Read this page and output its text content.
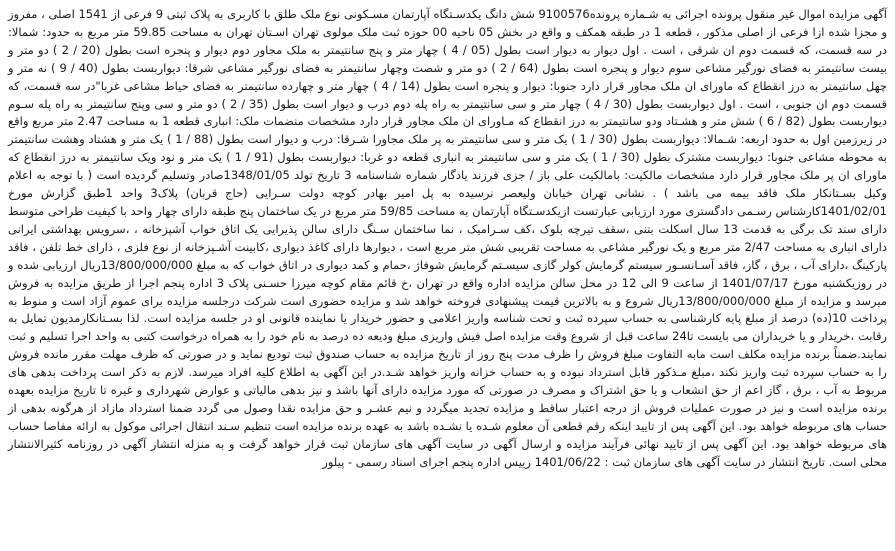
آگهی مزایده اموال غیر منقول پرونده اجرائی به شـماره پرونده9100576 شش دانگ یکدسـتگاه آپارتمان مسـکونی نوع ملک طلق با کاربری به پلاک ثبتی 9 فرعی از 1541 اصلی ، مفروز و مجزا شده ازا فرعی از اصلی مذکور ، قطعه 1 در طبقه همکف و واقع در بخش 05 ناحیه 00 حوزه ثبت ملک مولوی تهران اسـتان تهران به مساحت 59.85 متر مربع به حدود: شمالا: در سه قسمت، که قسمت دوم ان شرقی ، است . اول دیوار به دیوار است بطول (05 / 4 ) چهار متر و پنج سانتیمتر به ملک مجاور دوم دیوار و پنجره است بطول (20 / 2 ) دو متر و بیست سانتیمتر به فضای نورگیر مشاعی سوم دیوار و پنجره است بطول (64 / 2 ) دو متر و شصت وچهار سانتیمتر به فضای نورگیر مشاعی شرقا: دیواربست بطول (40 / 9 ) نه متر و چهل سانتیمتر به درز انقطاع که ماورای ان ملک مجاور قرار دارد جنوبا: دیوار و پنجره است بطول (14 / 4 ) چهار متر و چهارده سانتیمتر به فضای حیاط مشاعی غربا"در سه قسمت، که قسمت دوم ان جنوبی ، است . اول دیواربست بطول (30 / 4 ) چهار متر و سی سانتیمتر به راه پله دوم درب و دیوار است بطول (35 / 2 ) دو متر و سی وپنج سانتیمتر به راه پله سـوم دیواربست بطول (82 / 6 ) شش متر و هشـتاد ودو سانتیمتر به درز انقطاع که مـاورای ان ملک مجاور قرار دارد مشخصات منضمات ملک: انباری قطعه 1 به مساحت 2.47 متر مربع واقع در زیرزمین اول به حدود اربعه: شـمالا: دیواربست بطول (30 / 1 ) یک متر و سی سانتیمتر به پر ملک مجاورا شـرقا: درب و دیوار است بطول (88 / 1 ) یک متر و هشتاد وهشت سانتیمتر به محوطه مشاعی جنوبا: دیواربست مشترک بطول (30 / 1 ) یک متر و سی سانتیمتر به انباری قطعه دو غربا: دیواربست بطول (91 / 1 ) یک متر و نود ویک سانتیمتر به درز انقطاع که ماورای ان پر ملک مجاور قرار دارد مشخصات مالکیت: بامالکیت علی باز / جزی فرزند یادگار شماره شناسنامه 3 تاریخ تولد 1348/01/05صادر وتسلیم گردیده است ( با توجه به اعلام وکیل بسـتانکار ملک فاقد بیمه می باشد ) . نشانی تهران خیابان ولیعصر نرسیده به پل امیر بهادر کوچه دولت سـرایی (حاج قربان) پلاک3 واحد 1طبق گزارش مورخ 1401/02/01کارشناس رسـمی دادگستری مورد ارزیابی عبارتست ازیکدسـتگاه آپارتمان به مساحت 59/85 متر مربع در یک ساختمان پنج طبقه دارای چهار واحد با کیفیت طراحی متوسط دارای سند تک برگی به قدمت 13 سال اسکلت بتنی ،سقف تیرچه بلوک ،کف سـرامیک ، نما ساختمان سـنگ دارای سالن پذیرایی یک اتاق خواب آشپزخانه ، ،سرویس بهداشتی ایرانی دارای انباری به مساحت 2/47 متر مربع و یک نورگیر مشاعی به مساحت تقریبی شش متر مربع است ، دیوارها دارای کاغذ دیواری ،کابینت آشـپزخانه از نوع فلزی ، دارای خط تلفن ، فاقد پارکینگ ،دارای آب ، برق ، گاز، فاقد آسـانسـور سیستم گرمایش کولر گازی سیسـتم گرمایش شوفاژ ،حمام و کمد دیواری در اتاق خواب که به مبلغ 13/800/000/000ریال ارزیابی شده و در روزیکشنبه مورخ 1401/07/17 از ساعت 9 الی 12 در محل سالن مزایده اداره واقع در تهران ،خ قائم مقام کوچه میرزا حسـنی پلاک 3 اداره پنجم اجرا از طریق مزایده به فروش میرسد و مزایده از مبلغ 13/800/000/000ریال شروع و به بالاترین قیمت پیشنهادی فروخته خواهد شد و مزایده حضوری است شرکت درجلسه مزایده برای عموم آزاد است و منوط به پرداخت 10(ده) درصد از مبلغ پایه کارشناسی به حساب سپرده ثبت و تحت شناسه واریز اعلامی و حضور خریدار یا نماینده قانونی او در جلسه مزایده است. لذا بسـتانکارمدیون تمایل به رقابت ،خریدار و یا خریداران می بایست تا24 ساعت قبل از شروع وقت مزایده اصل فیش واریزی مبلغ ودیعه ده درصد به نام خود را به همراه درخواست کتبی به واحد اجرا تسلیم و ثبت نمایند.ضمناً برنده مزایده مکلف است مابه التفاوت مبلغ فروش را ظرف مدت پنج روز از تاریخ مزایده به حساب صندوق ثبت تودیع نماید و در صورتی که ظرف مهلت مقرر مانده فروش را به حساب سپرده ثبت واریز نکند ،مبلغ مـذکور قابل استرداد نبوده و به حساب خزانه واریز خواهد شـد.در این آگهی به اطلاع کلیه افراد میرسد. لازم به ذکر است پرداخت بدهی های مربوط به آب ، برق ، گاز اعم از حق انشعاب و یا حق اشتراک و مصرف در صورتی که مورد مزایده دارای آنها باشد و نیز بدهی مالیاتی و عوارض شهرداری و غیره تا تاریخ مزایده بعهده برنده مزایده است و نیز در صورت عملیات فروش از درجه اعتبار ساقط و مزایده تجدید میگردد و نیم عشـر و حق مزایده نقدا وصول می گردد ضمنا استرداد مازاد از هرگونه بدهی از حساب های مربوطه خواهد بود. این آگهی پس از تایید اینکه رقم قطعی آن معلوم شـده یا نشـده باشد به عهده برنده مزایده است تنظیم سـند انتقال اجرائی موکول به ارائه مفاصا حساب های مربوطه خواهد بود. این آگهی پس از تایید نهائی فرآیند مزایده و ارسال آگهی در سایت آگهی های سازمان ثبت قرار خواهد گرفت و به منزله انتشار آگهی در روزنامه کثیرالانتشار محلی است. تاریخ انتشار در سایت آگهی های سازمان ثبت : 1401/06/22 رییس اداره پنجم اجرای اسناد رسمی - پیلور
